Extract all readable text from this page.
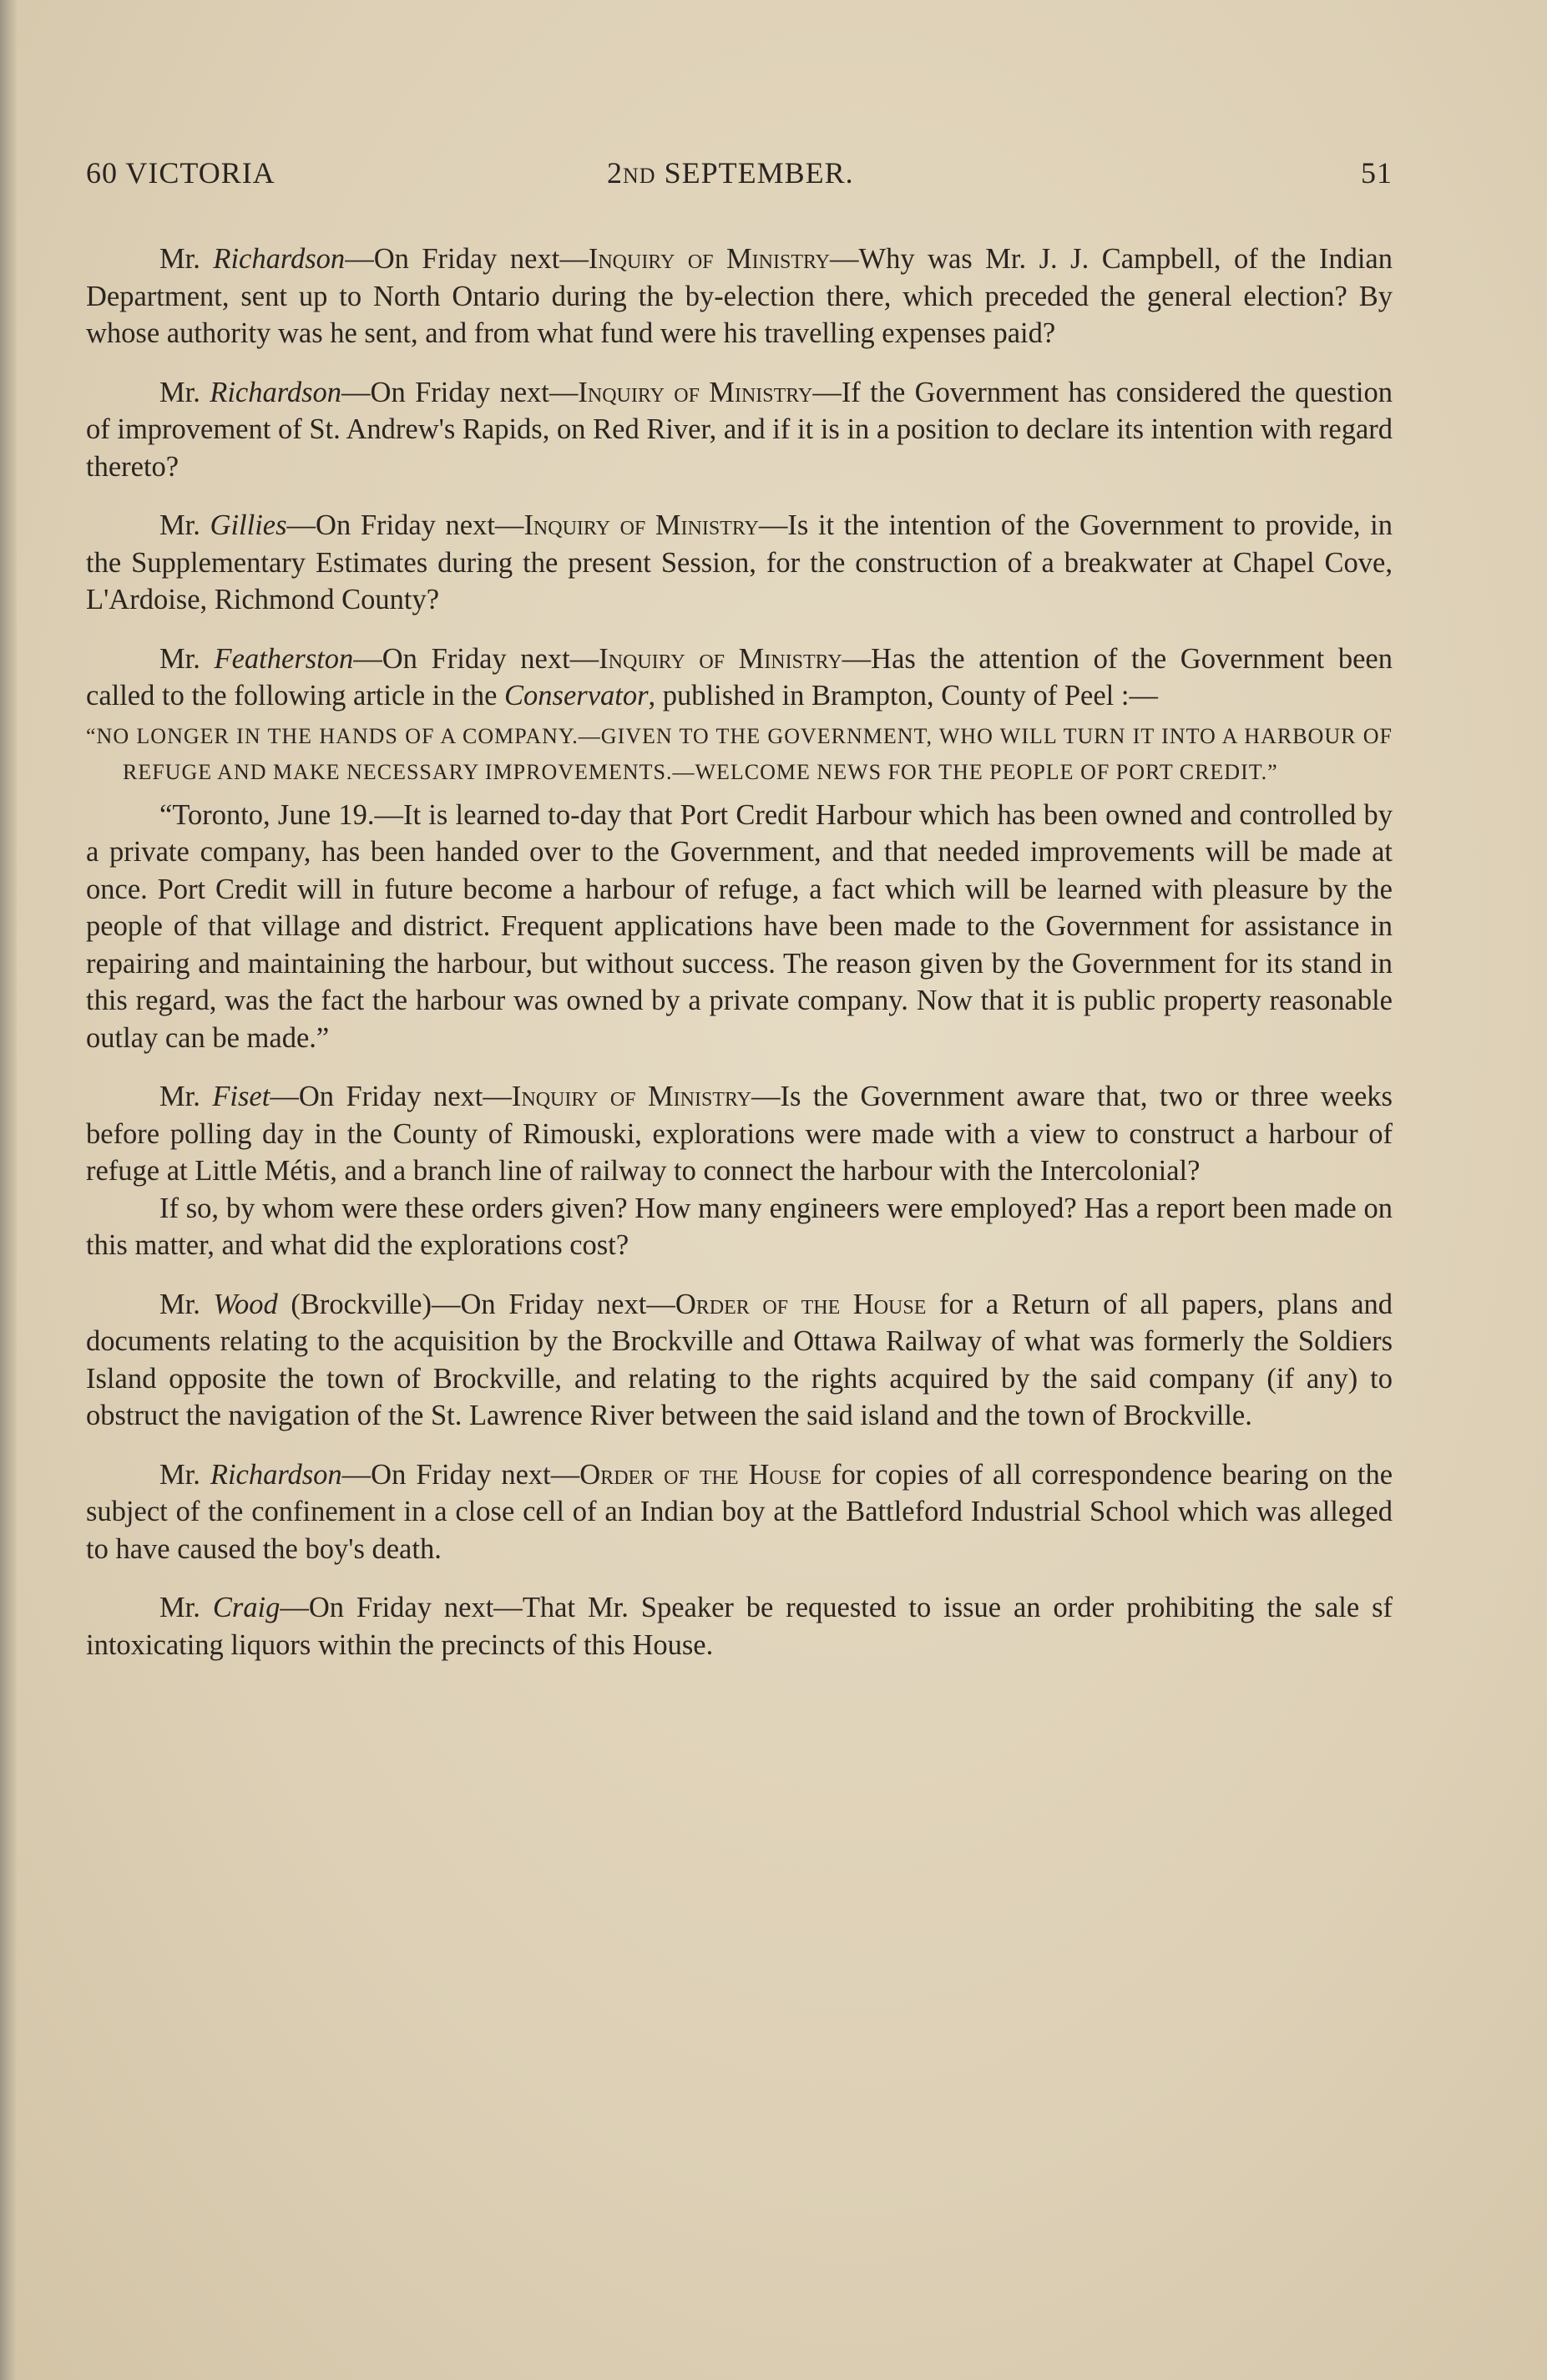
60 VICTORIA	2ND SEPTEMBER.	51

Mr. Richardson—On Friday next—Inquiry of Ministry—Why was Mr. J. J. Campbell, of the Indian Department, sent up to North Ontario during the by-election there, which preceded the general election? By whose authority was he sent, and from what fund were his travelling expenses paid?

Mr. Richardson—On Friday next—Inquiry of Ministry—If the Government has considered the question of improvement of St. Andrew's Rapids, on Red River, and if it is in a position to declare its intention with regard thereto?

Mr. Gillies—On Friday next—Inquiry of Ministry—Is it the intention of the Government to provide, in the Supplementary Estimates during the present Session, for the construction of a breakwater at Chapel Cove, L'Ardoise, Richmond County?

Mr. Featherston—On Friday next—Inquiry of Ministry—Has the attention of the Government been called to the following article in the Conservator, published in Brampton, County of Peel :—

“NO LONGER IN THE HANDS OF A COMPANY.—GIVEN TO THE GOVERNMENT, WHO WILL TURN IT INTO A HARBOUR OF REFUGE AND MAKE NECESSARY IMPROVEMENTS.—WELCOME NEWS FOR THE PEOPLE OF PORT CREDIT.”

“Toronto, June 19.—It is learned to-day that Port Credit Harbour which has been owned and controlled by a private company, has been handed over to the Government, and that needed improvements will be made at once. Port Credit will in future become a harbour of refuge, a fact which will be learned with pleasure by the people of that village and district. Frequent applications have been made to the Government for assistance in repairing and maintaining the harbour, but without success. The reason given by the Government for its stand in this regard, was the fact the harbour was owned by a private company. Now that it is public property reasonable outlay can be made.”

Mr. Fiset—On Friday next—Inquiry of Ministry—Is the Government aware that, two or three weeks before polling day in the County of Rimouski, explorations were made with a view to construct a harbour of refuge at Little Métis, and a branch line of railway to connect the harbour with the Intercolonial?

If so, by whom were these orders given? How many engineers were employed? Has a report been made on this matter, and what did the explorations cost?

Mr. Wood (Brockville)—On Friday next—Order of the House for a Return of all papers, plans and documents relating to the acquisition by the Brockville and Ottawa Railway of what was formerly the Soldiers Island opposite the town of Brockville, and relating to the rights acquired by the said company (if any) to obstruct the navigation of the St. Lawrence River between the said island and the town of Brockville.

Mr. Richardson—On Friday next—Order of the House for copies of all correspondence bearing on the subject of the confinement in a close cell of an Indian boy at the Battleford Industrial School which was alleged to have caused the boy's death.

Mr. Craig—On Friday next—That Mr. Speaker be requested to issue an order prohibiting the sale sf intoxicating liquors within the precincts of this House.
